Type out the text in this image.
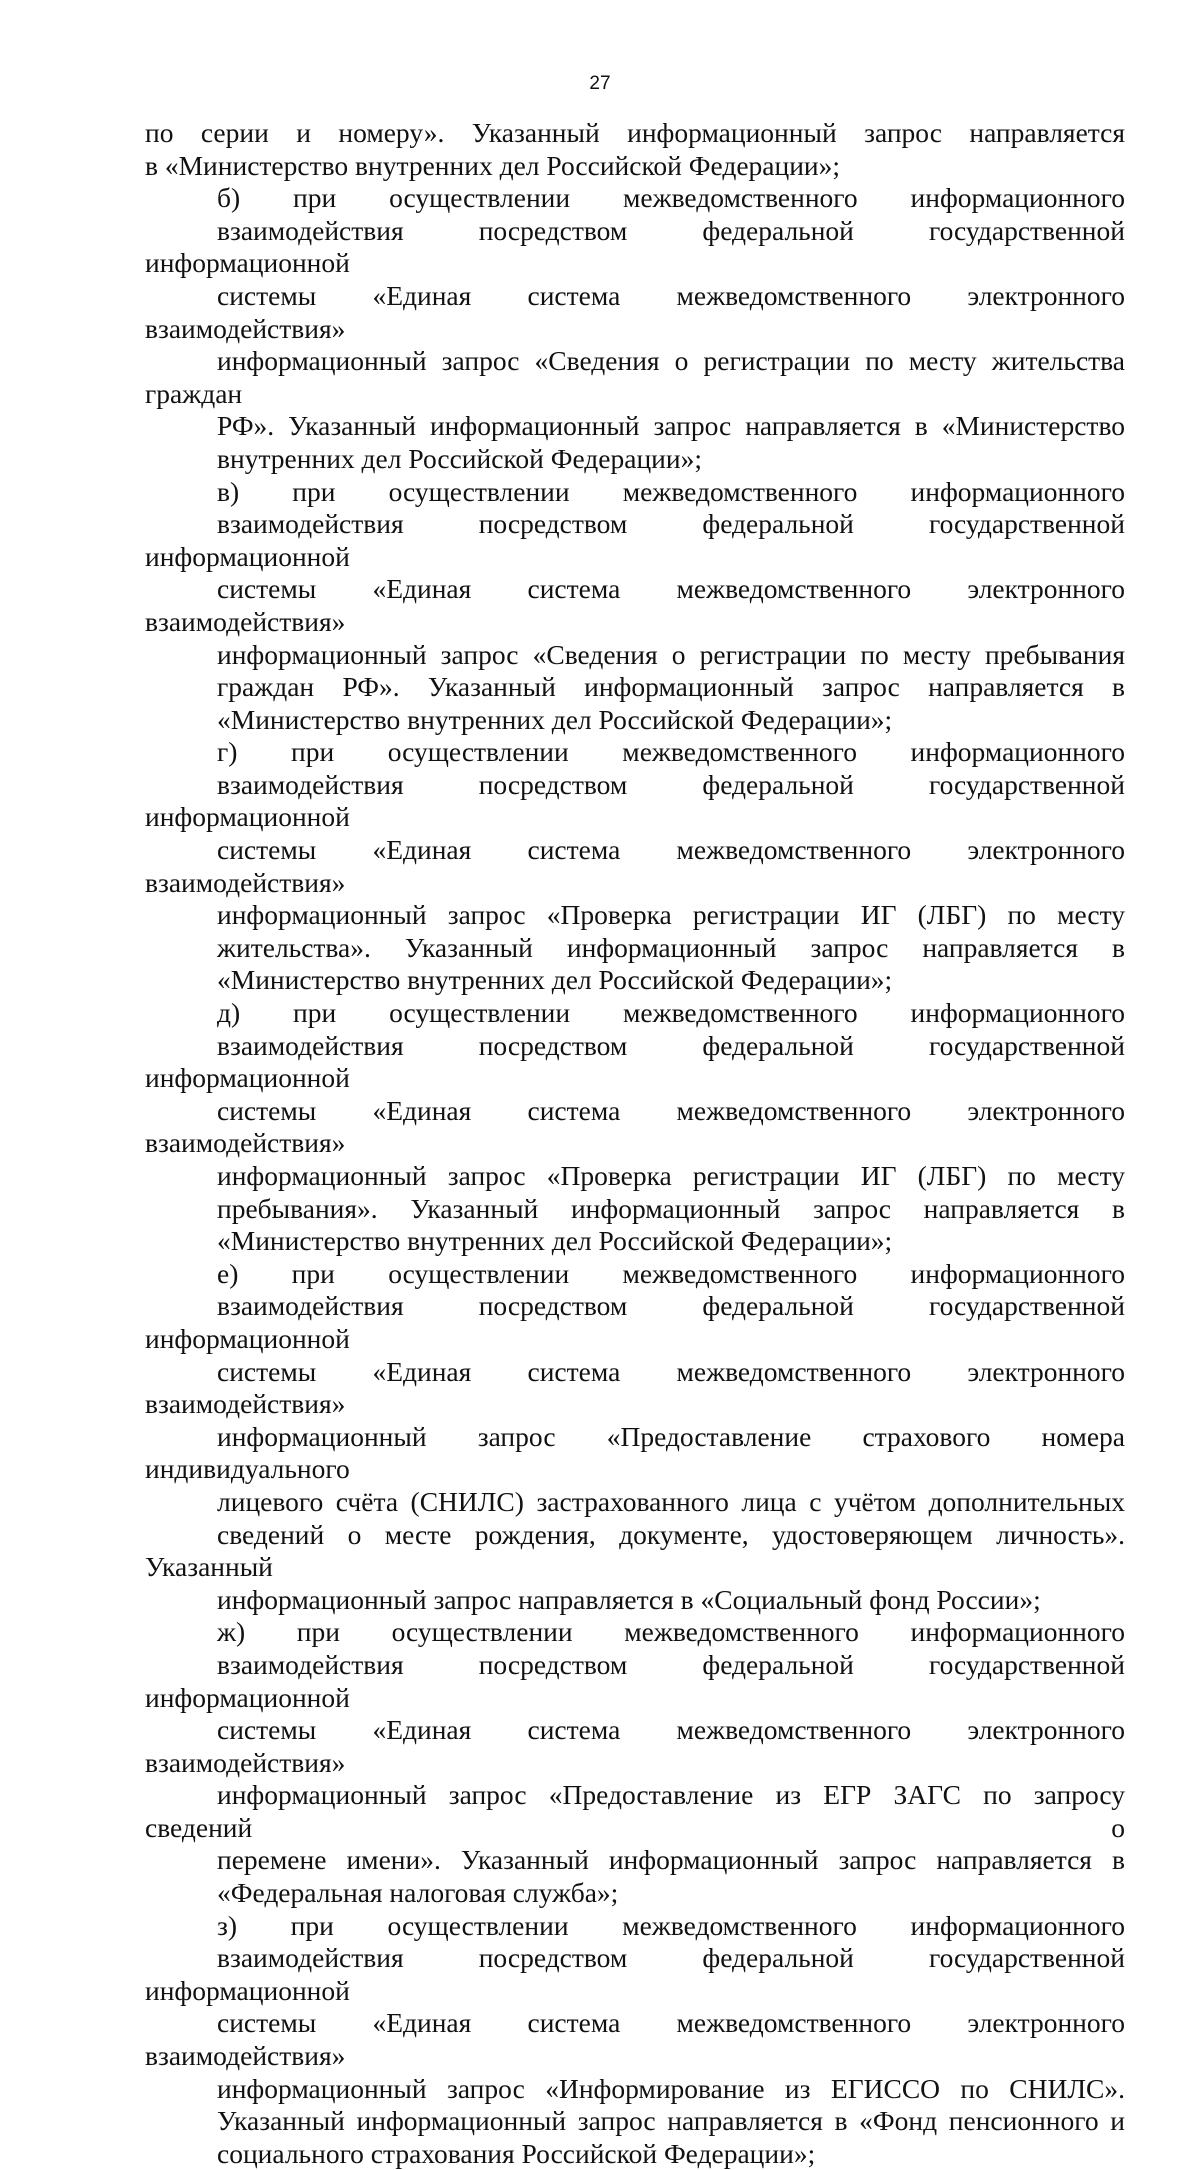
27
по серии и номеру». Указанный информационный запрос направляется
в «Министерство внутренних дел Российской Федерации»;
б) при осуществлении межведомственного информационного
взаимодействия посредством федеральной государственной информационной
системы «Единая система межведомственного электронного взаимодействия»
информационный запрос «Сведения о регистрации по месту жительства граждан
РФ». Указанный информационный запрос направляется в «Министерство
внутренних дел Российской Федерации»;
в) при осуществлении межведомственного информационного
взаимодействия посредством федеральной государственной информационной
системы «Единая система межведомственного электронного взаимодействия»
информационный запрос «Сведения о регистрации по месту пребывания
граждан РФ». Указанный информационный запрос направляется в
«Министерство внутренних дел Российской Федерации»;
г) при осуществлении межведомственного информационного
взаимодействия посредством федеральной государственной информационной
системы «Единая система межведомственного электронного взаимодействия»
информационный запрос «Проверка регистрации ИГ (ЛБГ) по месту
жительства». Указанный информационный запрос направляется в
«Министерство внутренних дел Российской Федерации»;
д) при осуществлении межведомственного информационного
взаимодействия посредством федеральной государственной информационной
системы «Единая система межведомственного электронного взаимодействия»
информационный запрос «Проверка регистрации ИГ (ЛБГ) по месту
пребывания». Указанный информационный запрос направляется в
«Министерство внутренних дел Российской Федерации»;
е) при осуществлении межведомственного информационного
взаимодействия посредством федеральной государственной информационной
системы «Единая система межведомственного электронного взаимодействия»
информационный запрос «Предоставление страхового номера индивидуального
лицевого счёта (СНИЛС) застрахованного лица с учётом дополнительных
сведений о месте рождения, документе, удостоверяющем личность». Указанный
информационный запрос направляется в «Социальный фонд России»;
ж) при осуществлении межведомственного информационного
взаимодействия посредством федеральной государственной информационной
системы «Единая система межведомственного электронного взаимодействия»
информационный запрос «Предоставление из ЕГР ЗАГС по запросу сведений о
перемене имени». Указанный информационный запрос направляется в
«Федеральная налоговая служба»;
з) при осуществлении межведомственного информационного
взаимодействия посредством федеральной государственной информационной
системы «Единая система межведомственного электронного взаимодействия»
информационный запрос «Информирование из ЕГИССО по СНИЛС».
Указанный информационный запрос направляется в «Фонд пенсионного и
социального страхования Российской Федерации»;
